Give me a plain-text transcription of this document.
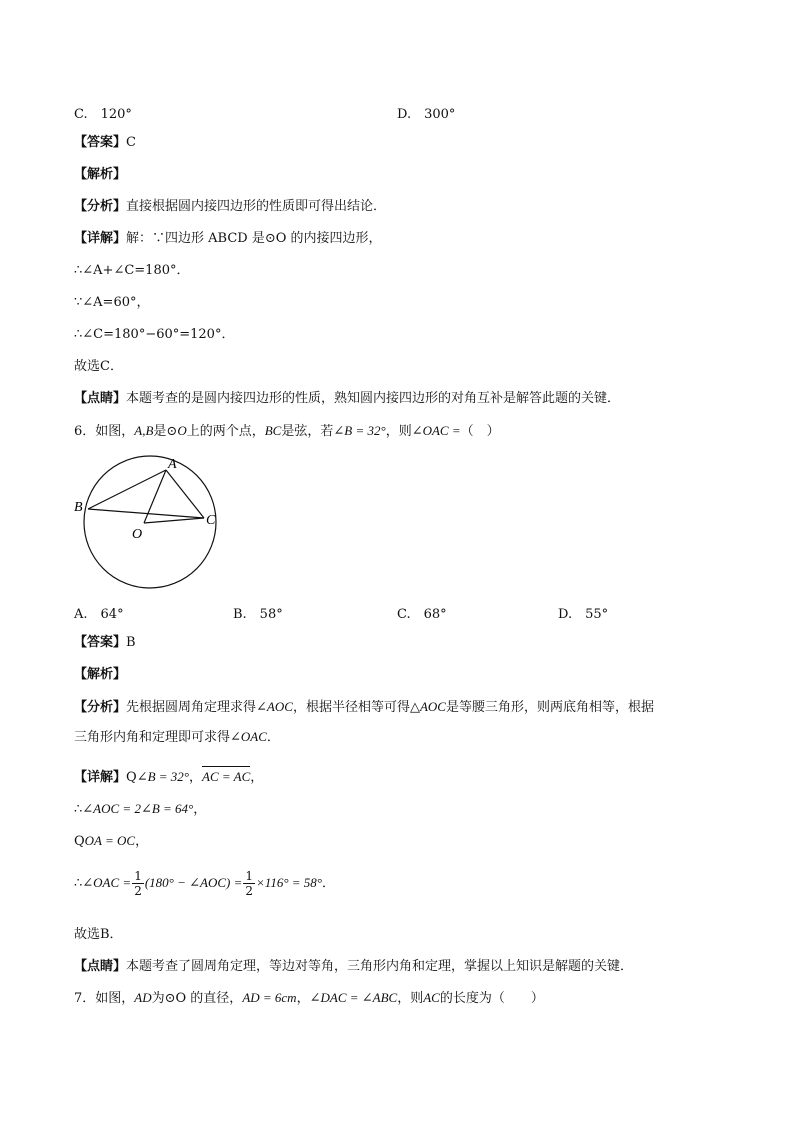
C.　120°	D.　300°
【答案】C
【解析】
【分析】直接根据圆内接四边形的性质即可得出结论．
【详解】解：∵四边形 ABCD 是⊙O 的内接四边形，
∴∠A+∠C=180°．
∵∠A=60°，
∴∠C=180°−60°=120°．
故选C．
【点睛】本题考查的是圆内接四边形的性质，熟知圆内接四边形的对角互补是解答此题的关键．
6．如图，A,B是⊙O上的两个点，BC是弦，若∠B = 32°，则∠OAC =（　）
A
B
C
O
A.　64°	B.　58°	C.　68°	D.　55°
【答案】B
【解析】
【分析】先根据圆周角定理求得∠AOC，根据半径相等可得△AOC是等腰三角形，则两底角相等，根据
三角形内角和定理即可求得∠OAC．
【详解】Q∠B = 32°，AC = AC，
∴∠AOC = 2∠B = 64°，
QOA = OC，
∴∠OAC = $\frac{1}{2} (180^\circ$ − ∠AOC) = $\frac{1}{2} \times 116^\circ = 58^\circ$．
故选B．
【点睛】本题考查了圆周角定理，等边对等角，三角形内角和定理，掌握以上知识是解题的关键．
7．如图，AD为⊙O 的直径，AD = 6cm，∠DAC = ∠ABC，则AC的长度为（　　）
